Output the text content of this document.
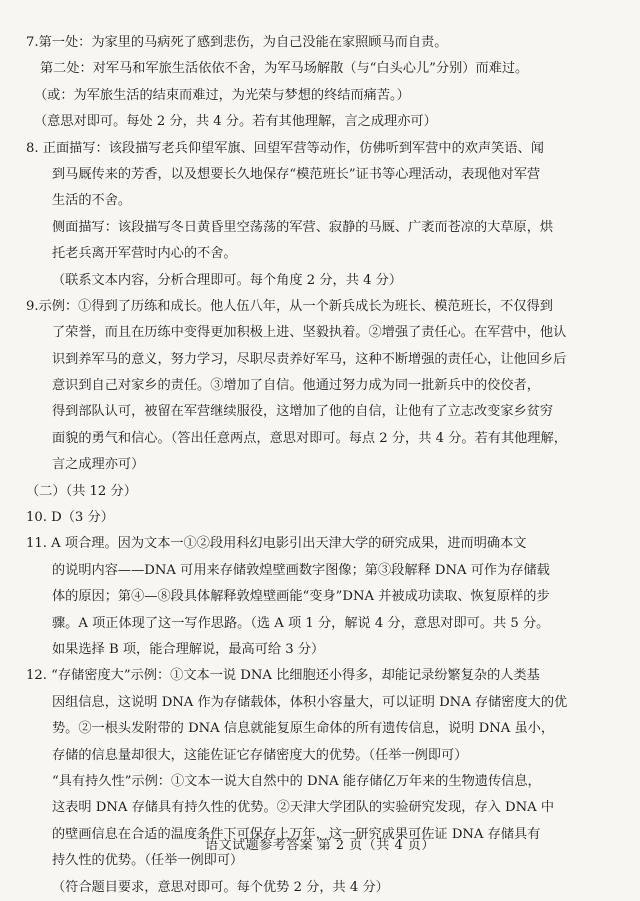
7.第一处：为家里的马病死了感到悲伤，为自己没能在家照顾马而自责。
第二处：对军马和军旅生活依依不舍，为军马场解散（与“白头心儿”分别）而难过。
（或：为军旅生活的结束而难过，为光荣与梦想的终结而痛苦。）
（意思对即可。每处 2 分，共 4 分。若有其他理解，言之成理亦可）
8. 正面描写：该段描写老兵仰望军旗、回望军营等动作，仿佛听到军营中的欢声笑语、闻
到马厩传来的芳香，以及想要长久地保存“模范班长”证书等心理活动，表现他对军营
生活的不舍。
侧面描写：该段描写冬日黄昏里空荡荡的军营、寂静的马厩、广袤而苍凉的大草原，烘
托老兵离开军营时内心的不舍。
（联系文本内容，分析合理即可。每个角度 2 分，共 4 分）
9.示例：①得到了历练和成长。他人伍八年，从一个新兵成长为班长、模范班长，不仅得到
了荣誉，而且在历练中变得更加积极上进、坚毅执着。②增强了责任心。在军营中，他认
识到养军马的意义，努力学习，尽职尽责养好军马，这种不断增强的责任心，让他回乡后
意识到自己对家乡的责任。③增加了自信。他通过努力成为同一批新兵中的佼佼者，
得到部队认可，被留在军营继续服役，这增加了他的自信，让他有了立志改变家乡贫穷
面貌的勇气和信心。（答出任意两点，意思对即可。每点 2 分，共 4 分。若有其他理解，
言之成理亦可）
（二）（共 12 分）
10. D（3 分）
11. A 项合理。因为文本一①②段用科幻电影引出天津大学的研究成果，进而明确本文
的说明内容——DNA 可用来存储敦煌壁画数字图像；第③段解释 DNA 可作为存储载
体的原因；第④—⑧段具体解释敦煌壁画能“变身”DNA 并被成功读取、恢复原样的步
骤。A 项正体现了这一写作思路。（选 A 项 1 分，解说 4 分，意思对即可。共 5 分。
如果选择 B 项，能合理解说，最高可给 3 分）
12. “存储密度大”示例：①文本一说 DNA 比细胞还小得多，却能记录纷繁复杂的人类基
因组信息，这说明 DNA 作为存储载体，体积小容量大，可以证明 DNA 存储密度大的优
势。②一根头发附带的 DNA 信息就能复原生命体的所有遗传信息，说明 DNA 虽小，
存储的信息量却很大，这能佐证它存储密度大的优势。（任举一例即可）
“具有持久性”示例：①文本一说大自然中的 DNA 能存储亿万年来的生物遗传信息，
这表明 DNA 存储具有持久性的优势。②天津大学团队的实验研究发现，存入 DNA 中
的壁画信息在合适的温度条件下可保存上万年，这一研究成果可佐证 DNA 存储具有
持久性的优势。（任举一例即可）
（符合题目要求，意思对即可。每个优势 2 分，共 4 分）
语文试题参考答案 第 2 页（共 4 页）
